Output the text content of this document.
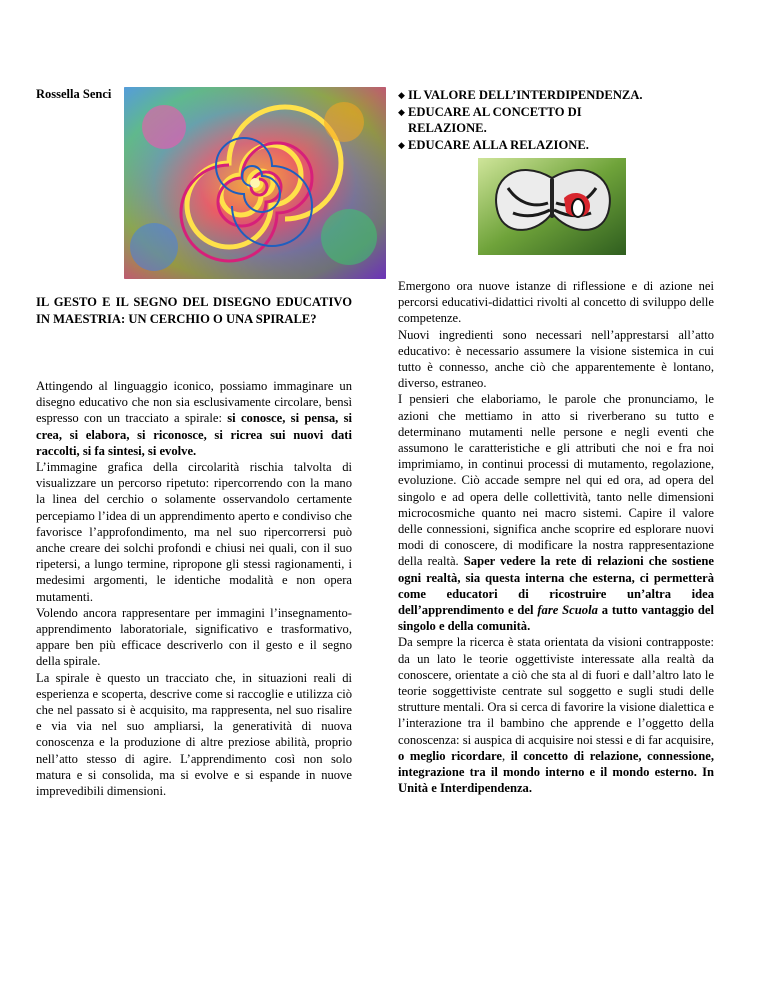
Rossella Senci
IL GESTO E IL SEGNO DEL DISEGNO EDUCATIVO IN MAESTRIA: UN CERCHIO O UNA SPIRALE?

Attingendo al linguaggio iconico, possiamo immaginare un disegno educativo che non sia esclusivamente circolare, bensì espresso con un tracciato a spirale: si conosce, si pensa, si crea, si elabora, si riconosce, si ricrea sui nuovi dati raccolti, si fa sintesi, si evolve.

L’immagine grafica della circolarità rischia talvolta di visualizzare un percorso ripetuto: ripercorrendo con la mano la linea del cerchio o solamente osservandolo certamente percepiamo l’idea di un apprendimento aperto e condiviso che favorisce l’approfondimento, ma nel suo ripercorrersi può anche creare dei solchi profondi e chiusi nei quali, con il suo ripetersi, a lungo termine, ripropone gli stessi ragionamenti, i medesimi argomenti, le identiche modalità e non opera mutamenti.

Volendo ancora rappresentare per immagini l’insegnamento-apprendimento laboratoriale, significativo e trasformativo, appare ben più efficace descriverlo con il gesto e il segno della spirale.

La spirale è questo un tracciato che, in situazioni reali di esperienza e scoperta, descrive come si raccoglie e utilizza ciò che nel passato si è acquisito, ma rappresenta, nel suo risalire e via via nel suo ampliarsi, la generatività di nuova conoscenza e la produzione di altre preziose abilità, proprio nell’atto stesso di agire. L’apprendimento così non solo matura e si consolida, ma si evolve e si espande in nuove imprevedibili dimensioni.

◆ IL VALORE DELL’INTERDIPENDENZA.
◆ EDUCARE AL CONCETTO DI
RELAZIONE.
◆ EDUCARE ALLA RELAZIONE.

Emergono ora nuove istanze di riflessione e di azione nei percorsi educativi-didattici rivolti al concetto di sviluppo delle competenze.

Nuovi ingredienti sono necessari nell’apprestarsi all’atto educativo: è necessario assumere la visione sistemica in cui tutto è connesso, anche ciò che apparentemente è lontano, diverso, estraneo.

I pensieri che elaboriamo, le parole che pronunciamo, le azioni che mettiamo in atto si riverberano su tutto e determinano mutamenti nelle persone e negli eventi che assumono le caratteristiche e gli attributi che noi e fra noi imprimiamo, in continui processi di mutamento, regolazione, evoluzione. Ciò accade sempre nel qui ed ora, ad opera del singolo e ad opera delle collettività, tanto nelle dimensioni microcosmiche quanto nei macro sistemi. Capire il valore delle connessioni, significa anche scoprire ed esplorare nuovi modi di conoscere, di modificare la nostra rappresentazione della realtà. Saper vedere la rete di relazioni che sostiene ogni realtà, sia questa interna che esterna, ci permetterà come educatori di ricostruire un’altra idea dell’apprendimento e del fare Scuola a tutto vantaggio del singolo e della comunità.

Da sempre la ricerca è stata orientata da visioni contrapposte: da un lato le teorie oggettiviste interessate alla realtà da conoscere, orientate a ciò che sta al di fuori e dall’altro lato le teorie soggettiviste centrate sul soggetto e sugli studi delle strutture mentali. Ora si cerca di favorire la visione dialettica e l’interazione tra il bambino che apprende e l’oggetto della conoscenza: si auspica di acquisire noi stessi e di far acquisire, o meglio ricordare, il concetto di relazione, connessione, integrazione tra il mondo interno e il mondo esterno. In Unità e Interdipendenza.
